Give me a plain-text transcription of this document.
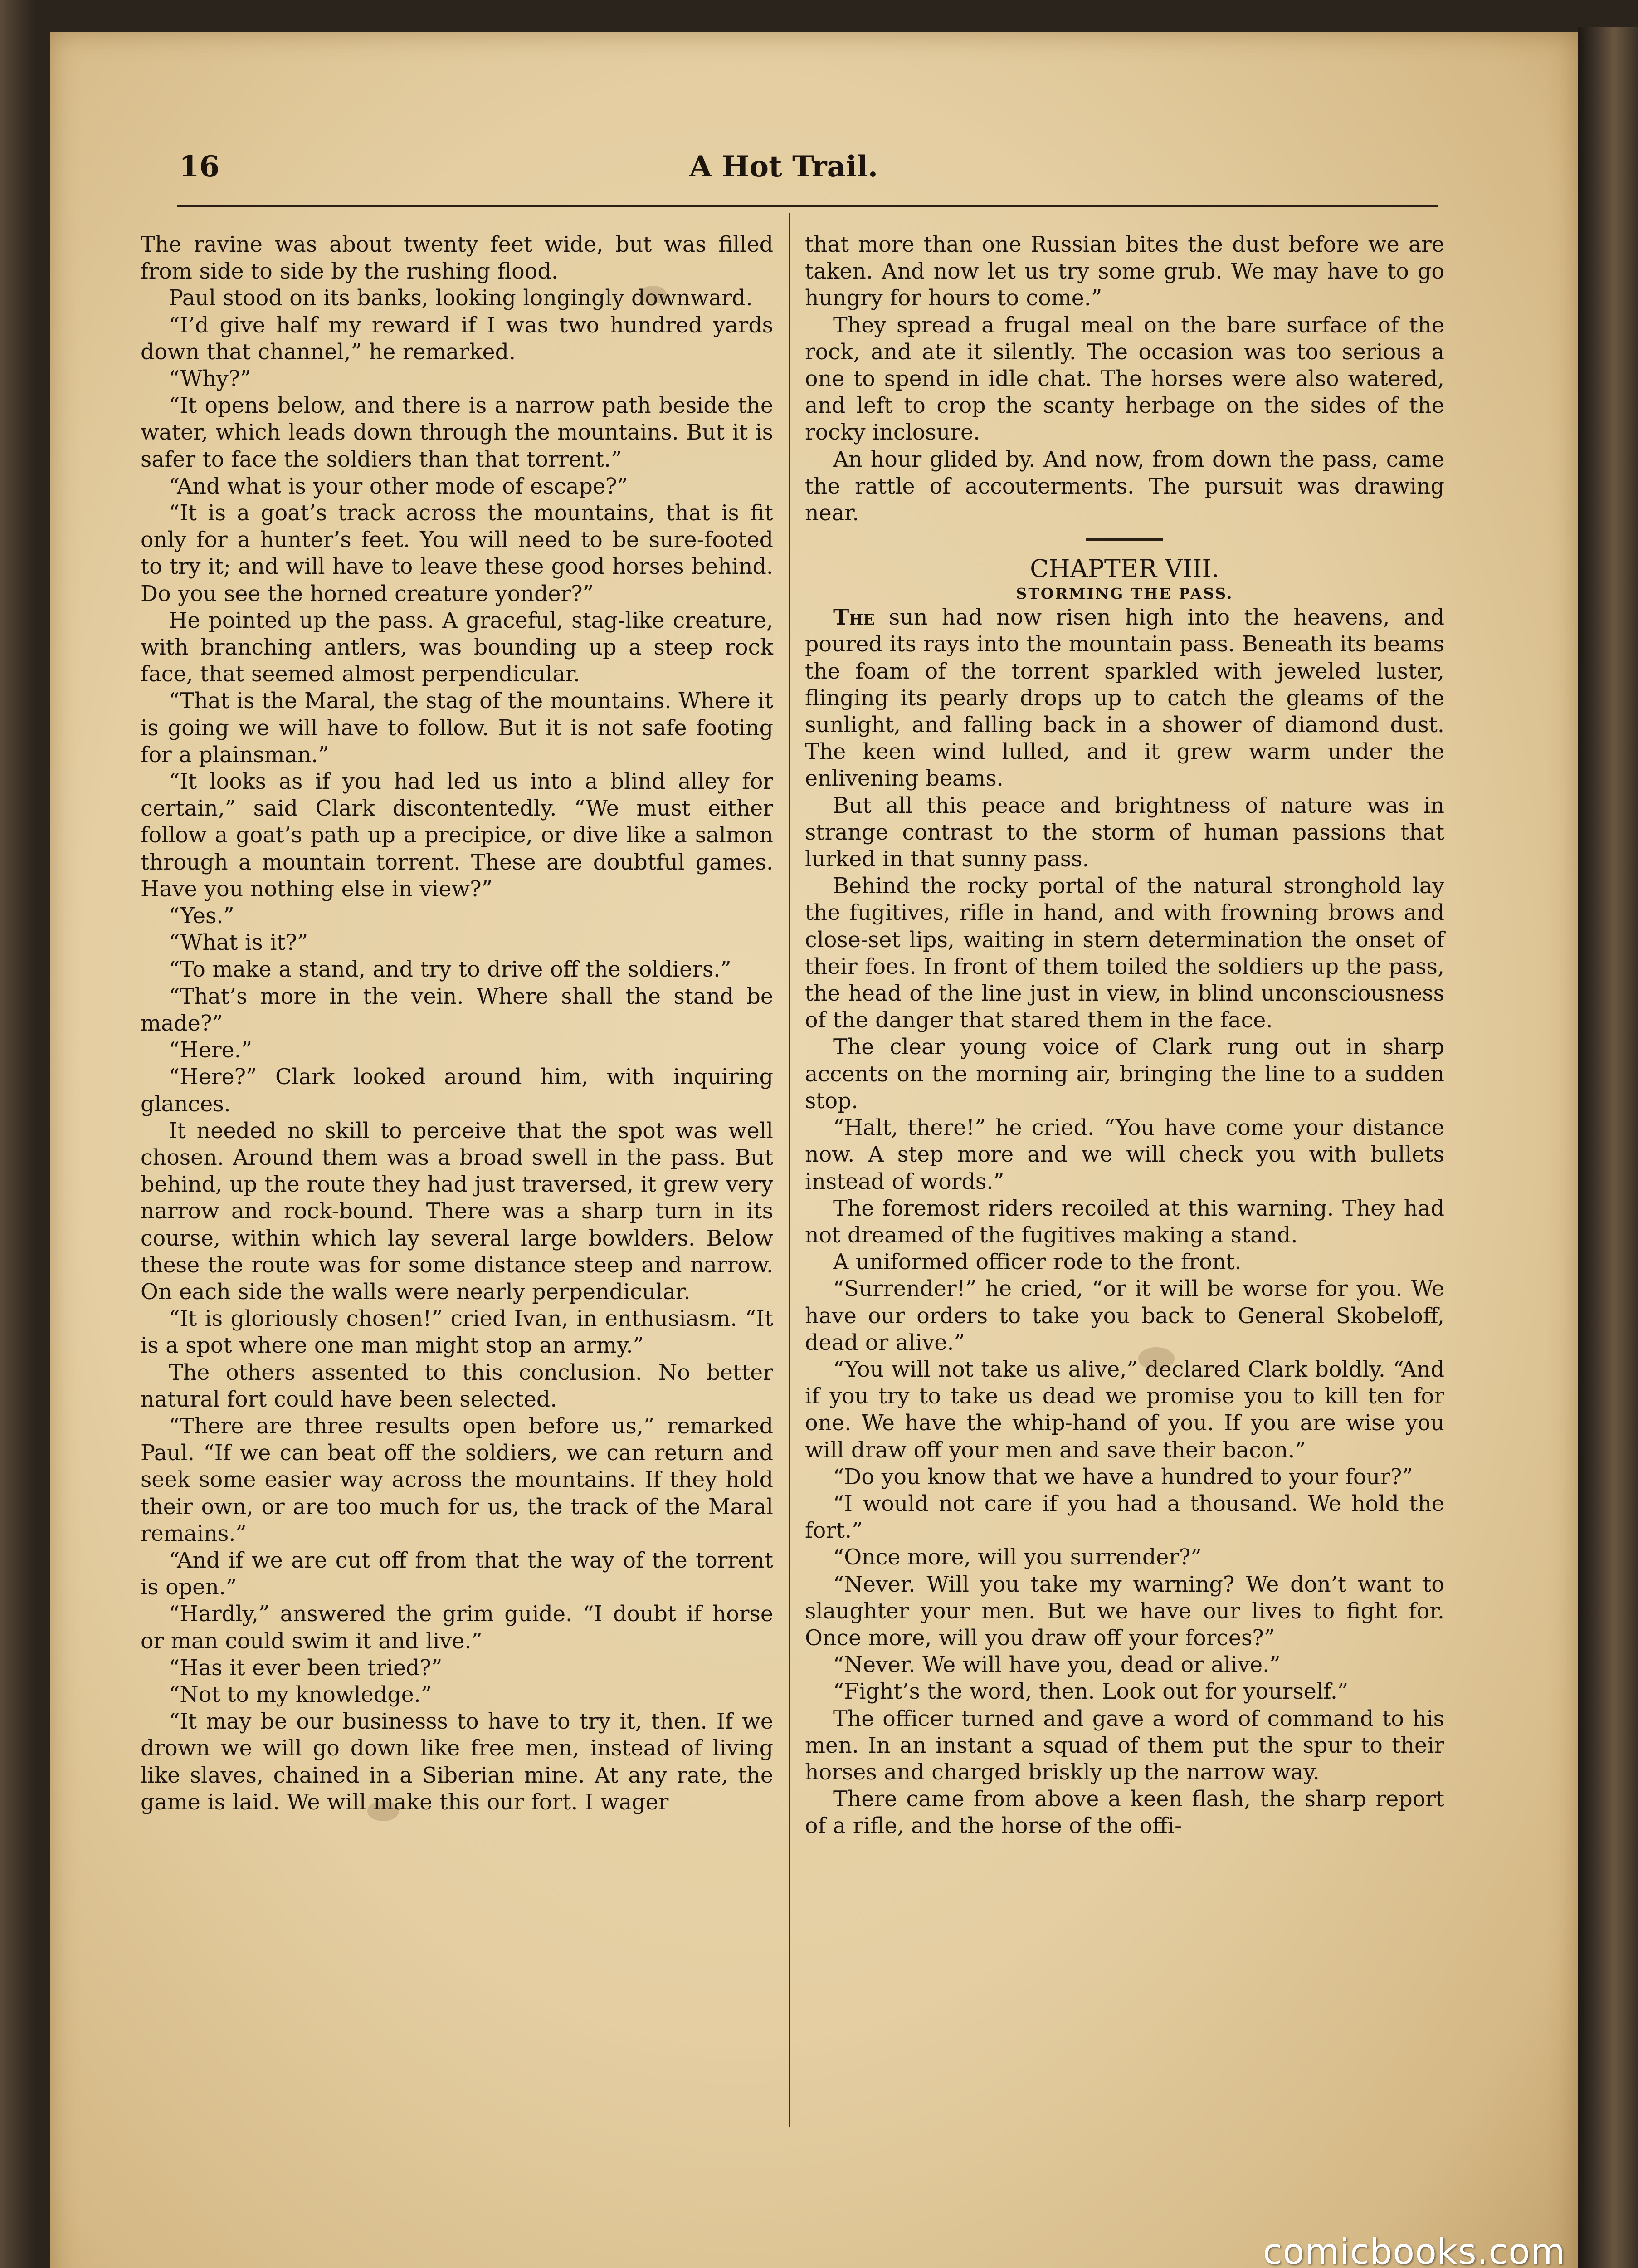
16	A Hot Trail.

The ravine was about twenty feet wide, but was filled from side to side by the rushing flood.

Paul stood on its banks, looking longingly downward.

“I’d give half my reward if I was two hundred yards down that channel,” he remarked.

“Why?”

“It opens below, and there is a narrow path beside the water, which leads down through the mountains. But it is safer to face the soldiers than that torrent.”

“And what is your other mode of escape?”

“It is a goat’s track across the mountains, that is fit only for a hunter’s feet. You will need to be sure-footed to try it; and will have to leave these good horses behind. Do you see the horned creature yonder?”

He pointed up the pass. A graceful, stag-like creature, with branching antlers, was bounding up a steep rock face, that seemed almost perpendicular.

“That is the Maral, the stag of the mountains. Where it is going we will have to follow. But it is not safe footing for a plainsman.”

“It looks as if you had led us into a blind alley for certain,” said Clark discontentedly. “We must either follow a goat’s path up a precipice, or dive like a salmon through a mountain torrent. These are doubtful games. Have you nothing else in view?”

“Yes.”

“What is it?”

“To make a stand, and try to drive off the soldiers.”

“That’s more in the vein. Where shall the stand be made?”

“Here.”

“Here?” Clark looked around him, with inquiring glances.

It needed no skill to perceive that the spot was well chosen. Around them was a broad swell in the pass. But behind, up the route they had just traversed, it grew very narrow and rock-bound. There was a sharp turn in its course, within which lay several large bowlders. Below these the route was for some distance steep and narrow. On each side the walls were nearly perpendicular.

“It is gloriously chosen!” cried Ivan, in enthusiasm. “It is a spot where one man might stop an army.”

The others assented to this conclusion. No better natural fort could have been selected.

“There are three results open before us,” remarked Paul. “If we can beat off the soldiers, we can return and seek some easier way across the mountains. If they hold their own, or are too much for us, the track of the Maral remains.”

“And if we are cut off from that the way of the torrent is open.”

“Hardly,” answered the grim guide. “I doubt if horse or man could swim it and live.”

“Has it ever been tried?”

“Not to my knowledge.”

“It may be our businesss to have to try it, then. If we drown we will go down like free men, instead of living like slaves, chained in a Siberian mine. At any rate, the game is laid. We will make this our fort. I wager

that more than one Russian bites the dust before we are taken. And now let us try some grub. We may have to go hungry for hours to come.”

They spread a frugal meal on the bare surface of the rock, and ate it silently. The occasion was too serious a one to spend in idle chat. The horses were also watered, and left to crop the scanty herbage on the sides of the rocky inclosure.

An hour glided by. And now, from down the pass, came the rattle of accouterments. The pursuit was drawing near.

CHAPTER VIII.

STORMING THE PASS.

The sun had now risen high into the heavens, and poured its rays into the mountain pass. Beneath its beams the foam of the torrent sparkled with jeweled luster, flinging its pearly drops up to catch the gleams of the sunlight, and falling back in a shower of diamond dust. The keen wind lulled, and it grew warm under the enlivening beams.

But all this peace and brightness of nature was in strange contrast to the storm of human passions that lurked in that sunny pass.

Behind the rocky portal of the natural stronghold lay the fugitives, rifle in hand, and with frowning brows and close-set lips, waiting in stern determination the onset of their foes. In front of them toiled the soldiers up the pass, the head of the line just in view, in blind unconsciousness of the danger that stared them in the face.

The clear young voice of Clark rung out in sharp accents on the morning air, bringing the line to a sudden stop.

“Halt, there!” he cried. “You have come your distance now. A step more and we will check you with bullets instead of words.”

The foremost riders recoiled at this warning. They had not dreamed of the fugitives making a stand.

A uniformed officer rode to the front.

“Surrender!” he cried, “or it will be worse for you. We have our orders to take you back to General Skobeloff, dead or alive.”

“You will not take us alive,” declared Clark boldly. “And if you try to take us dead we promise you to kill ten for one. We have the whip-hand of you. If you are wise you will draw off your men and save their bacon.”

“Do you know that we have a hundred to your four?”

“I would not care if you had a thousand. We hold the fort.”

“Once more, will you surrender?”

“Never. Will you take my warning? We don’t want to slaughter your men. But we have our lives to fight for. Once more, will you draw off your forces?”

“Never. We will have you, dead or alive.”

“Fight’s the word, then. Look out for yourself.”

The officer turned and gave a word of command to his men. In an instant a squad of them put the spur to their horses and charged briskly up the narrow way.

There came from above a keen flash, the sharp report of a rifle, and the horse of the offi-

comicbooks.com
